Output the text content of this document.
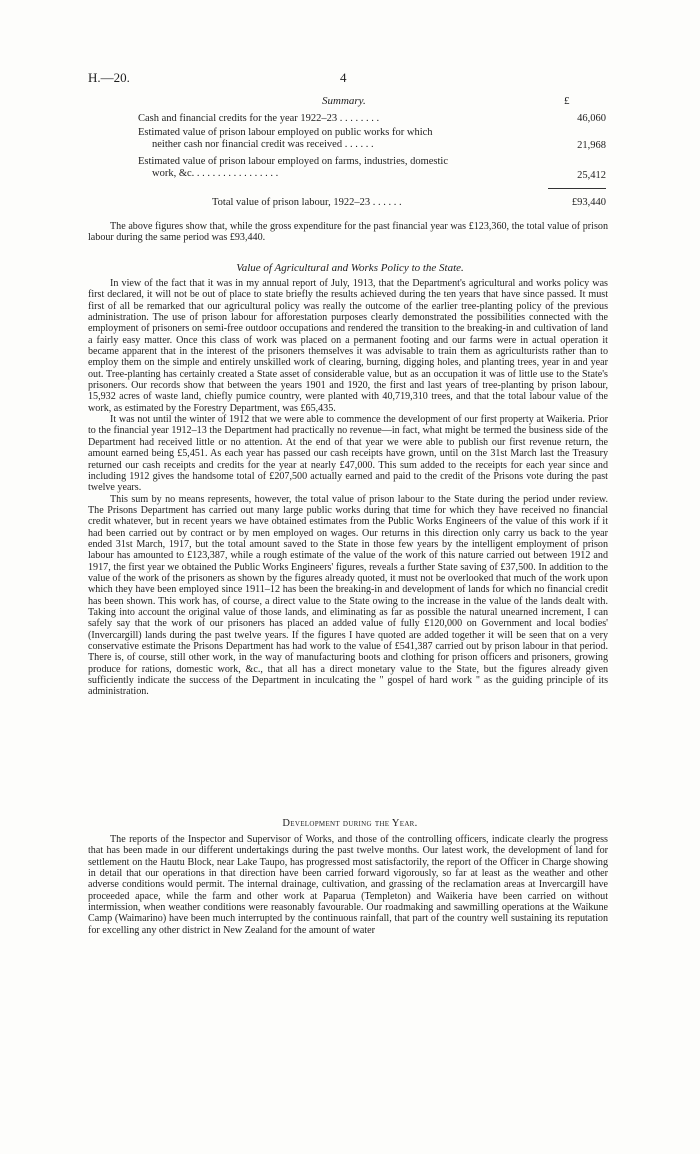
H.—20.	4
Summary.	£
Cash and financial credits for the year 1922–23 . . . . . . . .	46,060
Estimated value of prison labour employed on public works for which
neither cash nor financial credit was received . . . . . .	21,968
Estimated value of prison labour employed on farms, industries, domestic
work, &c. . . . . . . . . . . . . . . . .	25,412
Total value of prison labour, 1922–23 . . . . . .	£93,440

The above figures show that, while the gross expenditure for the past financial year was £123,360, the total value of prison labour during the same period was £93,440.

Value of Agricultural and Works Policy to the State.

In view of the fact that it was in my annual report of July, 1913, that the Department's agricultural and works policy was first declared, it will not be out of place to state briefly the results achieved during the ten years that have since passed. It must first of all be remarked that our agricultural policy was really the outcome of the earlier tree-planting policy of the previous administration. The use of prison labour for afforestation purposes clearly demonstrated the possibilities connected with the employment of prisoners on semi-free outdoor occupations and rendered the transition to the breaking-in and cultivation of land a fairly easy matter. Once this class of work was placed on a permanent footing and our farms were in actual operation it became apparent that in the interest of the prisoners themselves it was advisable to train them as agriculturists rather than to employ them on the simple and entirely unskilled work of clearing, burning, digging holes, and planting trees, year in and year out. Tree-planting has certainly created a State asset of considerable value, but as an occupation it was of little use to the State's prisoners. Our records show that between the years 1901 and 1920, the first and last years of tree-planting by prison labour, 15,932 acres of waste land, chiefly pumice country, were planted with 40,719,310 trees, and that the total labour value of the work, as estimated by the Forestry Department, was £65,435.

It was not until the winter of 1912 that we were able to commence the development of our first property at Waikeria. Prior to the financial year 1912–13 the Department had practically no revenue—in fact, what might be termed the business side of the Department had received little or no attention. At the end of that year we were able to publish our first revenue return, the amount earned being £5,451. As each year has passed our cash receipts have grown, until on the 31st March last the Treasury returned our cash receipts and credits for the year at nearly £47,000. This sum added to the receipts for each year since and including 1912 gives the handsome total of £207,500 actually earned and paid to the credit of the Prisons vote during the past twelve years.

This sum by no means represents, however, the total value of prison labour to the State during the period under review. The Prisons Department has carried out many large public works during that time for which they have received no financial credit whatever, but in recent years we have obtained estimates from the Public Works Engineers of the value of this work if it had been carried out by contract or by men employed on wages. Our returns in this direction only carry us back to the year ended 31st March, 1917, but the total amount saved to the State in those few years by the intelligent employment of prison labour has amounted to £123,387, while a rough estimate of the value of the work of this nature carried out between 1912 and 1917, the first year we obtained the Public Works Engineers' figures, reveals a further State saving of £37,500. In addition to the value of the work of the prisoners as shown by the figures already quoted, it must not be overlooked that much of the work upon which they have been employed since 1911–12 has been the breaking-in and development of lands for which no financial credit has been shown. This work has, of course, a direct value to the State owing to the increase in the value of the lands dealt with. Taking into account the original value of those lands, and eliminating as far as possible the natural unearned increment, I can safely say that the work of our prisoners has placed an added value of fully £120,000 on Government and local bodies' (Invercargill) lands during the past twelve years. If the figures I have quoted are added together it will be seen that on a very conservative estimate the Prisons Department has had work to the value of £541,387 carried out by prison labour in that period. There is, of course, still other work, in the way of manufacturing boots and clothing for prison officers and prisoners, growing produce for rations, domestic work, &c., that all has a direct monetary value to the State, but the figures already given sufficiently indicate the success of the Department in inculcating the " gospel of hard work " as the guiding principle of its administration.

Development during the Year.

The reports of the Inspector and Supervisor of Works, and those of the controlling officers, indicate clearly the progress that has been made in our different undertakings during the past twelve months. Our latest work, the development of land for settlement on the Hautu Block, near Lake Taupo, has progressed most satisfactorily, the report of the Officer in Charge showing in detail that our operations in that direction have been carried forward vigorously, so far at least as the weather and other adverse conditions would permit. The internal drainage, cultivation, and grassing of the reclamation areas at Invercargill have proceeded apace, while the farm and other work at Paparua (Templeton) and Waikeria have been carried on without intermission, when weather conditions were reasonably favourable. Our roadmaking and sawmilling operations at the Waikune Camp (Waimarino) have been much interrupted by the continuous rainfall, that part of the country well sustaining its reputation for excelling any other district in New Zealand for the amount of water
